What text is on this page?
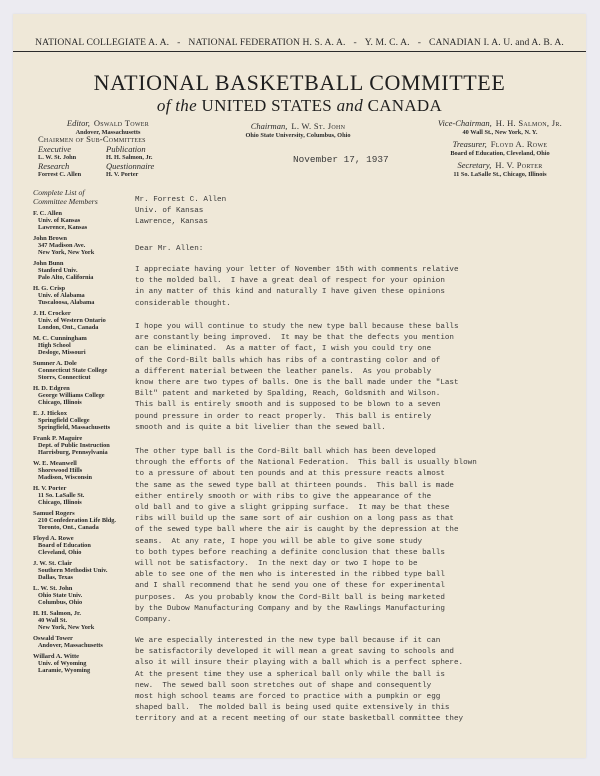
NATIONAL COLLEGIATE A. A. - NATIONAL FEDERATION H. S. A. A. - Y. M. C. A. - CANADIAN I. A. U. and A. B. A.
NATIONAL BASKETBALL COMMITTEE
of the UNITED STATES and CANADA
Editor, Oswald Tower
Andover, Massachusetts
Chairman, L. W. St. John
Ohio State University, Columbus, Ohio
Vice-Chairman, H. H. Salmon, Jr.
40 Wall St., New York, N. Y.
Treasurer, Floyd A. Rowe
Board of Education, Cleveland, Ohio
Secretary, H. V. Porter
11 So. LaSalle St., Chicago, Illinois
Chairmen of Sub-Committees
Executive
L. W. St. John
Publication
H. H. Salmon, Jr.
Research
Forrest C. Allen
Questionnaire
H. V. Porter
Complete List of
Committee Members
F. C. Allen
Univ. of Kansas
Lawrence, Kansas
John Brown
347 Madison Ave.
New York, New York
John Bunn
Stanford Univ.
Palo Alto, California
H. G. Crisp
Univ. of Alabama
Tuscaloosa, Alabama
J. H. Crocker
Univ. of Western Ontario
London, Ont., Canada
M. C. Cunningham
High School
Desloge, Missouri
Sumner A. Dole
Connecticut State College
Storrs, Connecticut
H. D. Edgren
George Williams College
Chicago, Illinois
E. J. Hickox
Springfield College
Springfield, Massachusetts
Frank P. Maguire
Dept. of Public Instruction
Harrisburg, Pennsylvania
W. E. Meanwell
Shorewood Hills
Madison, Wisconsin
H. V. Porter
11 So. LaSalle St.
Chicago, Illinois
Samuel Rogers
210 Confederation Life Bldg.
Toronto, Ont., Canada
Floyd A. Rowe
Board of Education
Cleveland, Ohio
J. W. St. Clair
Southern Methodist Univ.
Dallas, Texas
L. W. St. John
Ohio State Univ.
Columbus, Ohio
H. H. Salmon, Jr.
40 Wall St.
New York, New York
Oswald Tower
Andover, Massachusetts
Willard A. Witte
Univ. of Wyoming
Laramie, Wyoming
November 17, 1937
Mr. Forrest C. Allen
Univ. of Kansas
Lawrence, Kansas
Dear Mr. Allen:
I appreciate having your letter of November 15th with comments relative
to the molded ball.  I have a great deal of respect for your opinion
in any matter of this kind and naturally I have given these opinions
considerable thought.
I hope you will continue to study the new type ball because these balls
are constantly being improved.  It may be that the defects you mention
can be eliminated.  As a matter of fact, I wish you could try one
of the Cord-Bilt balls which has ribs of a contrasting color and of
a different material between the leather panels.  As you probably
know there are two types of balls. One is the ball made under the "Last
Bilt" patent and marketed by Spalding, Reach, Goldsmith and Wilson.
This ball is entirely smooth and is supposed to be blown to a seven
pound pressure in order to react properly.  This ball is entirely
smooth and is quite a bit livelier than the sewed ball.
The other type ball is the Cord-Bilt ball which has been developed
through the efforts of the National Federation.  This ball is usually blown
to a pressure of about ten pounds and at this pressure reacts almost
the same as the sewed type ball at thirteen pounds.  This ball is made
either entirely smooth or with ribs to give the appearance of the
old ball and to give a slight gripping surface.  It may be that these
ribs will build up the same sort of air cushion on a long pass as that
of the sewed type ball where the air is caught by the depression at the
seams.  At any rate, I hope you will be able to give some study
to both types before reaching a definite conclusion that these balls
will not be satisfactory.  In the next day or two I hope to be
able to see one of the men who is interested in the ribbed type ball
and I shall recommend that he send you one of these for experimental
purposes.  As you probably know the Cord-Bilt ball is being marketed
by the Dubow Manufacturing Company and by the Rawlings Manufacturing
Company.
We are especially interested in the new type ball because if it can
be satisfactorily developed it will mean a great saving to schools and
also it will insure their playing with a ball which is a perfect sphere.
At the present time they use a spherical ball only while the ball is
new.  The sewed ball soon stretches out of shape and consequently
most high school teams are forced to practice with a pumpkin or egg
shaped ball.  The molded ball is being used quite extensively in this
territory and at a recent meeting of our state basketball committee they
